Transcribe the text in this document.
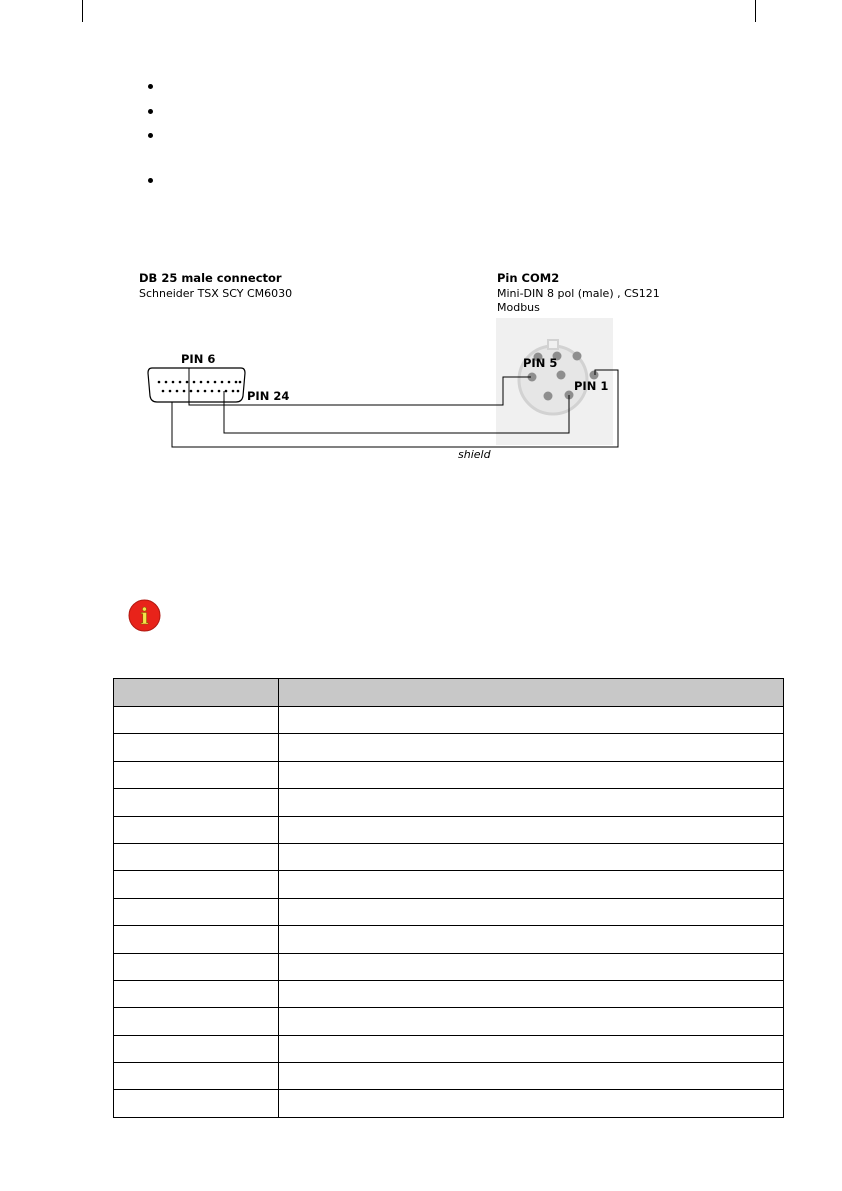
DB 25 male connector
Schneider TSX SCY CM6030
Pin COM2
Mini-DIN 8 pol (male) , CS121
Modbus
PIN 6
PIN 24
PIN 5
PIN 1
shield
i
